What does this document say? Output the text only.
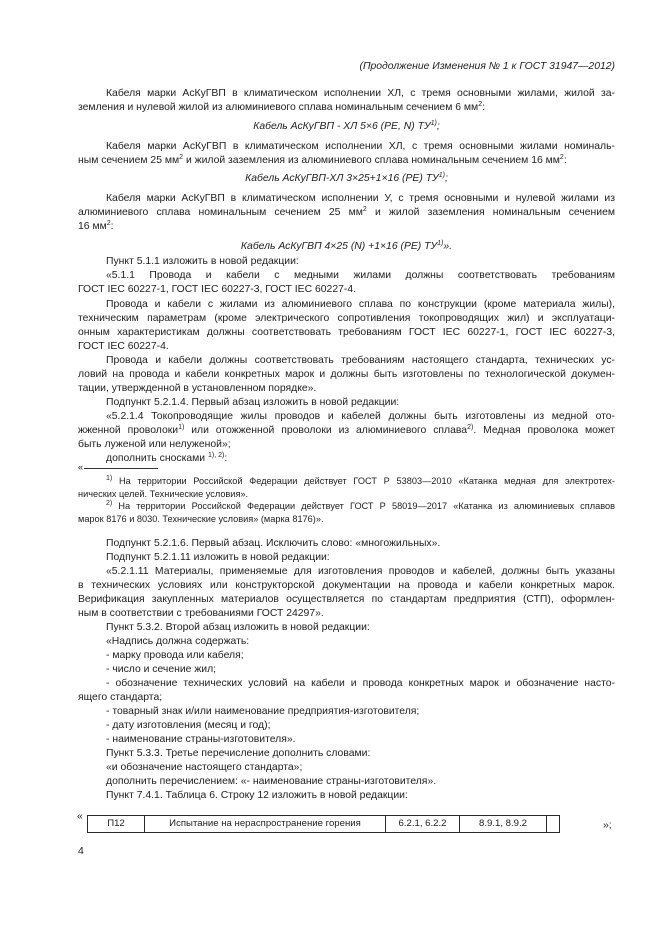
(Продолжение Изменения № 1 к ГОСТ 31947—2012)
Кабеля марки АсКуГВП в климатическом исполнении ХЛ, с тремя основными жилами, жилой за-
земления и нулевой жилой из алюминиевого сплава номинальным сечением 6 $мм^2$:
Кабель АсКуГВП - ХЛ 5×6 (РЕ, N) ТУ$^{1)}$;
Кабеля марки АсКуГВП в климатическом исполнении ХЛ, с тремя основными жилами номиналь-
ным сечением 25 $мм^2$ и жилой заземления из алюминиевого сплава номинальным сечением 16 $мм^2$:
Кабель АсКуГВП-ХЛ 3×25+1×16 (РЕ) ТУ$^{1)}$;
Кабеля марки АсКуГВП в климатическом исполнении У, с тремя основными и нулевой жилами из
алюминиевого сплава номинальным сечением 25 $мм^2$ и жилой заземления номинальным сечением
16 $мм^2$:
Кабель АсКуГВП 4×25 (N) +1×16 (РЕ) ТУ$^{1)}$».
Пункт 5.1.1 изложить в новой редакции:
«5.1.1 Провода и кабели с медными жилами должны соответствовать требованиям
ГОСТ IEC 60227-1, ГОСТ IEC 60227-3, ГОСТ IEC 60227-4.
Провода и кабели с жилами из алюминиевого сплава по конструкции (кроме материала жилы),
техническим параметрам (кроме электрического сопротивления токопроводящих жил) и эксплуатаци-
онным характеристикам должны соответствовать требованиям ГОСТ IEC 60227-1, ГОСТ IEC 60227-3,
ГОСТ IEC 60227-4.
Провода и кабели должны соответствовать требованиям настоящего стандарта, технических ус-
ловий на провода и кабели конкретных марок и должны быть изготовлены по технологической докумен-
тации, утвержденной в установленном порядке».
Подпункт 5.2.1.4. Первый абзац изложить в новой редакции:
«5.2.1.4 Токопроводящие жилы проводов и кабелей должны быть изготовлены из медной ото-
жженной проволоки$^{1)}$ или отожженной проволоки из алюминиевого сплава$^{2)}$. Медная проволока может
быть луженой или нелуженой»;
дополнить сносками $^{1), 2)}$:
«
$^{1)}$ На территории Российской Федерации действует ГОСТ Р 53803—2010 «Катанка медная для электротех-
нических целей. Технические условия».
$^{2)}$ На территории Российской Федерации действует ГОСТ Р 58019—2017 «Катанка из алюминиевых сплавов
марок 8176 и 8030. Технические условия» (марка 8176)».
Подпункт 5.2.1.6. Первый абзац. Исключить слово: «многожильных».
Подпункт 5.2.1.11 изложить в новой редакции:
«5.2.1.11 Материалы, применяемые для изготовления проводов и кабелей, должны быть указаны
в технических условиях или конструкторской документации на провода и кабели конкретных марок.
Верификация закупленных материалов осуществляется по стандартам предприятия (СТП), оформлен-
ным в соответствии с требованиями ГОСТ 24297».
Пункт 5.3.2. Второй абзац изложить в новой редакции:
«Надпись должна содержать:
- марку провода или кабеля;
- число и сечение жил;
- обозначение технических условий на кабели и провода конкретных марок и обозначение насто-
ящего стандарта;
- товарный знак и/или наименование предприятия-изготовителя;
- дату изготовления (месяц и год);
- наименование страны-изготовителя».
Пункт 5.3.3. Третье перечисление дополнить словами:
«и обозначение настоящего стандарта»;
дополнить перечислением: «- наименование страны-изготовителя».
Пункт 7.4.1. Таблица 6. Строку 12 изложить в новой редакции:
«
П12	Испытание на нераспространение горения	6.2.1, 6.2.2	8.9.1, 8.9.2		»;
4
